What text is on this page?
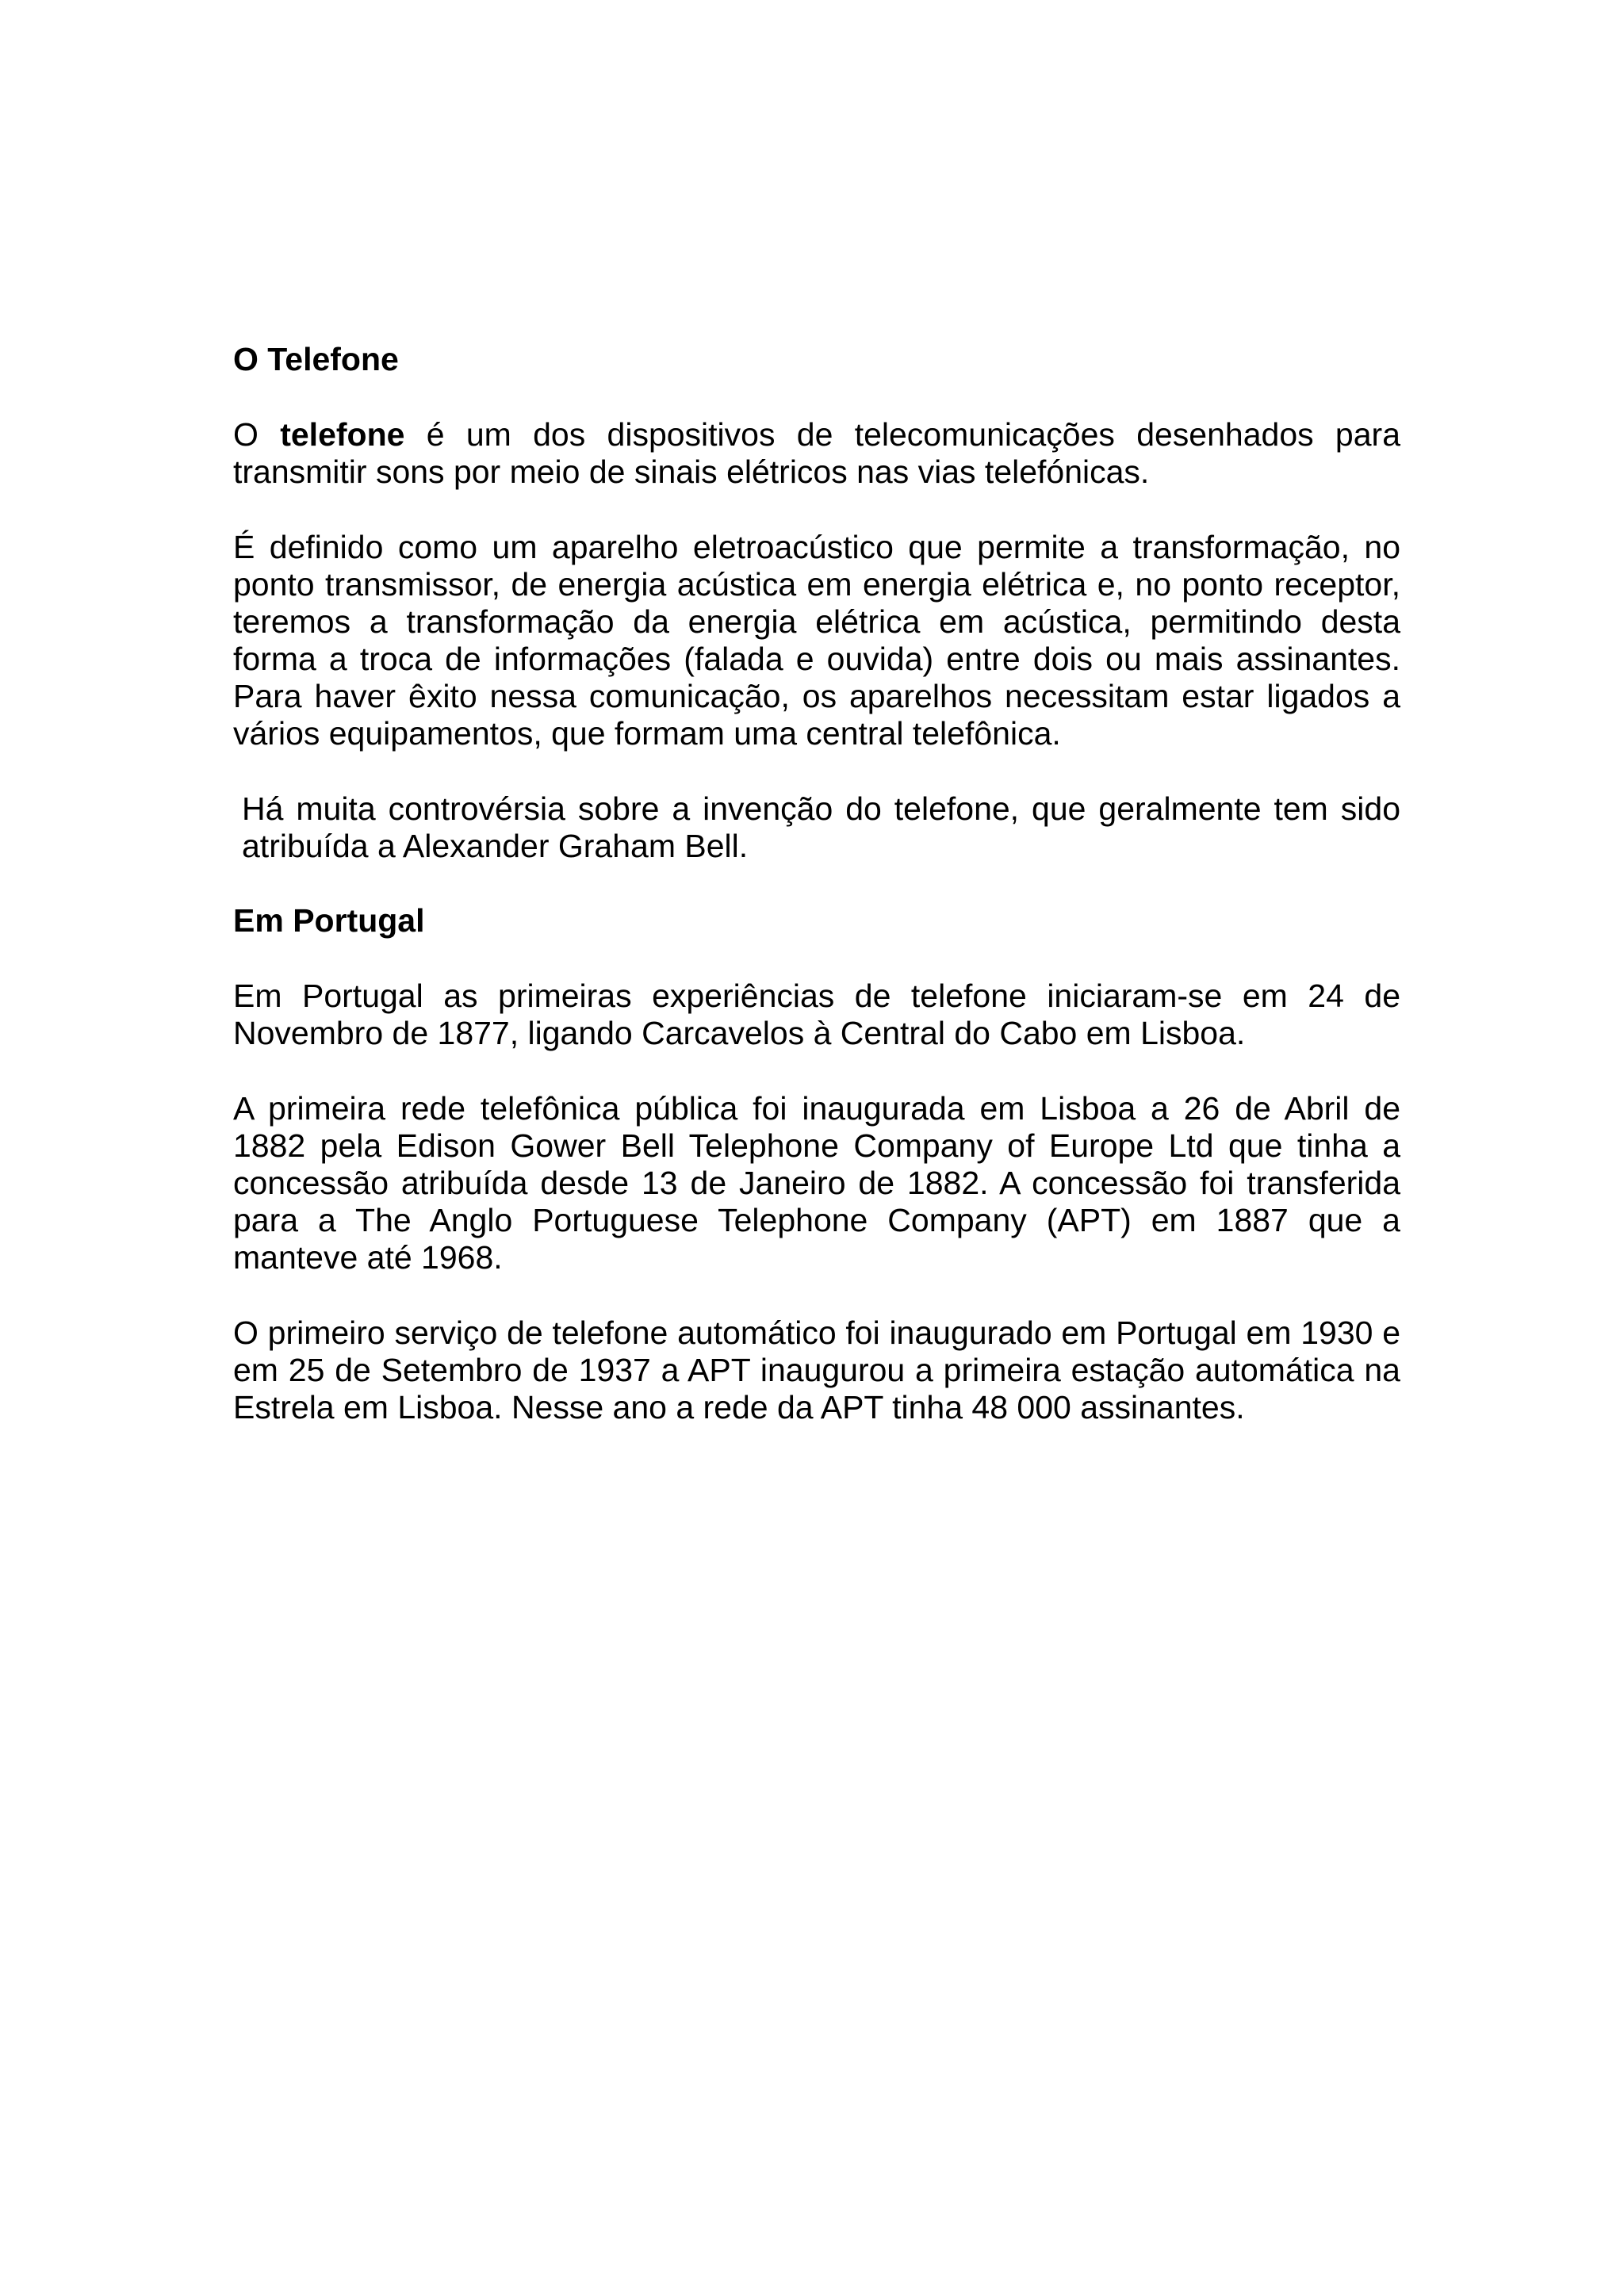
O Telefone

O telefone é um dos dispositivos de telecomunicações desenhados para transmitir sons por meio de sinais elétricos nas vias telefónicas.

É definido como um aparelho eletroacústico que permite a transformação, no ponto transmissor, de energia acústica em energia elétrica e, no ponto receptor, teremos a transformação da energia elétrica em acústica, permitindo desta forma a troca de informações (falada e ouvida) entre dois ou mais assinantes. Para haver êxito nessa comunicação, os aparelhos necessitam estar ligados a vários equipamentos, que formam uma central telefônica.

Há muita controvérsia sobre a invenção do telefone, que geralmente tem sido atribuída a Alexander Graham Bell.

Em Portugal

Em Portugal as primeiras experiências de telefone iniciaram-se em 24 de Novembro de 1877, ligando Carcavelos à Central do Cabo em Lisboa.

A primeira rede telefônica pública foi inaugurada em Lisboa a 26 de Abril de 1882 pela Edison Gower Bell Telephone Company of Europe Ltd que tinha a concessão atribuída desde 13 de Janeiro de 1882. A concessão foi transferida para a The Anglo Portuguese Telephone Company (APT) em 1887 que a manteve até 1968.

O primeiro serviço de telefone automático foi inaugurado em Portugal em 1930 e em 25 de Setembro de 1937 a APT inaugurou a primeira estação automática na Estrela em Lisboa. Nesse ano a rede da APT tinha 48 000 assinantes.
